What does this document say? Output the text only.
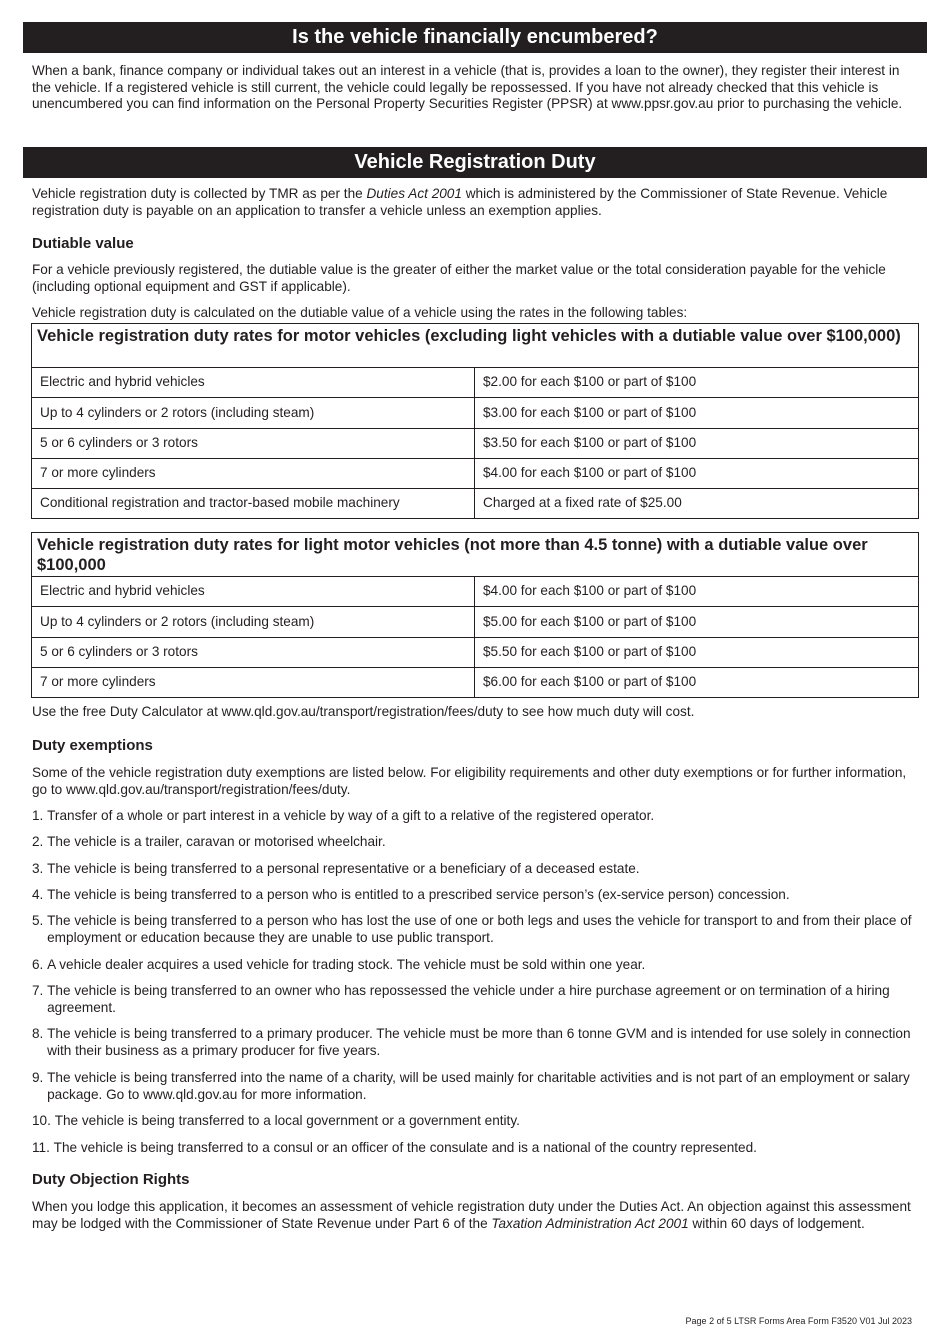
Is the vehicle financially encumbered?

When a bank, finance company or individual takes out an interest in a vehicle (that is, provides a loan to the owner), they register their interest in the vehicle. If a registered vehicle is still current, the vehicle could legally be repossessed. If you have not already checked that this vehicle is unencumbered you can find information on the Personal Property Securities Register (PPSR) at www.ppsr.gov.au prior to purchasing the vehicle.

Vehicle Registration Duty

Vehicle registration duty is collected by TMR as per the Duties Act 2001 which is administered by the Commissioner of State Revenue. Vehicle registration duty is payable on an application to transfer a vehicle unless an exemption applies.

Dutiable value

For a vehicle previously registered, the dutiable value is the greater of either the market value or the total consideration payable for the vehicle (including optional equipment and GST if applicable).

Vehicle registration duty is calculated on the dutiable value of a vehicle using the rates in the following tables:

Vehicle registration duty rates for motor vehicles (excluding light vehicles with a dutiable value over $100,000)
Electric and hybrid vehicles	$2.00 for each $100 or part of $100
Up to 4 cylinders or 2 rotors (including steam)	$3.00 for each $100 or part of $100
5 or 6 cylinders or 3 rotors	$3.50 for each $100 or part of $100
7 or more cylinders	$4.00 for each $100 or part of $100
Conditional registration and tractor-based mobile machinery	Charged at a fixed rate of $25.00
Vehicle registration duty rates for light motor vehicles (not more than 4.5 tonne) with a dutiable value over $100,000
Electric and hybrid vehicles	$4.00 for each $100 or part of $100
Up to 4 cylinders or 2 rotors (including steam)	$5.00 for each $100 or part of $100
5 or 6 cylinders or 3 rotors	$5.50 for each $100 or part of $100
7 or more cylinders	$6.00 for each $100 or part of $100

Use the free Duty Calculator at www.qld.gov.au/transport/registration/fees/duty to see how much duty will cost.

Duty exemptions

Some of the vehicle registration duty exemptions are listed below. For eligibility requirements and other duty exemptions or for further information, go to www.qld.gov.au/transport/registration/fees/duty.

1.
Transfer of a whole or part interest in a vehicle by way of a gift to a relative of the registered operator.
2.
The vehicle is a trailer, caravan or motorised wheelchair.
3.
The vehicle is being transferred to a personal representative or a beneficiary of a deceased estate.
4.
The vehicle is being transferred to a person who is entitled to a prescribed service person’s (ex-service person) concession.
5.
The vehicle is being transferred to a person who has lost the use of one or both legs and uses the vehicle for transport to and from their place of employment or education because they are unable to use public transport.
6.
A vehicle dealer acquires a used vehicle for trading stock. The vehicle must be sold within one year.
7.
The vehicle is being transferred to an owner who has repossessed the vehicle under a hire purchase agreement or on termination of a hiring agreement.
8.
The vehicle is being transferred to a primary producer. The vehicle must be more than 6 tonne GVM and is intended for use solely in connection with their business as a primary producer for five years.
9.
The vehicle is being transferred into the name of a charity, will be used mainly for charitable activities and is not part of an employment or salary package. Go to www.qld.gov.au for more information.
10.
The vehicle is being transferred to a local government or a government entity.
11.
The vehicle is being transferred to a consul or an officer of the consulate and is a national of the country represented.
Duty Objection Rights

When you lodge this application, it becomes an assessment of vehicle registration duty under the Duties Act. An objection against this assessment may be lodged with the Commissioner of State Revenue under Part 6 of the Taxation Administration Act 2001 within 60 days of lodgement.

Page 2 of 5 LTSR Forms Area Form F3520 V01 Jul 2023
